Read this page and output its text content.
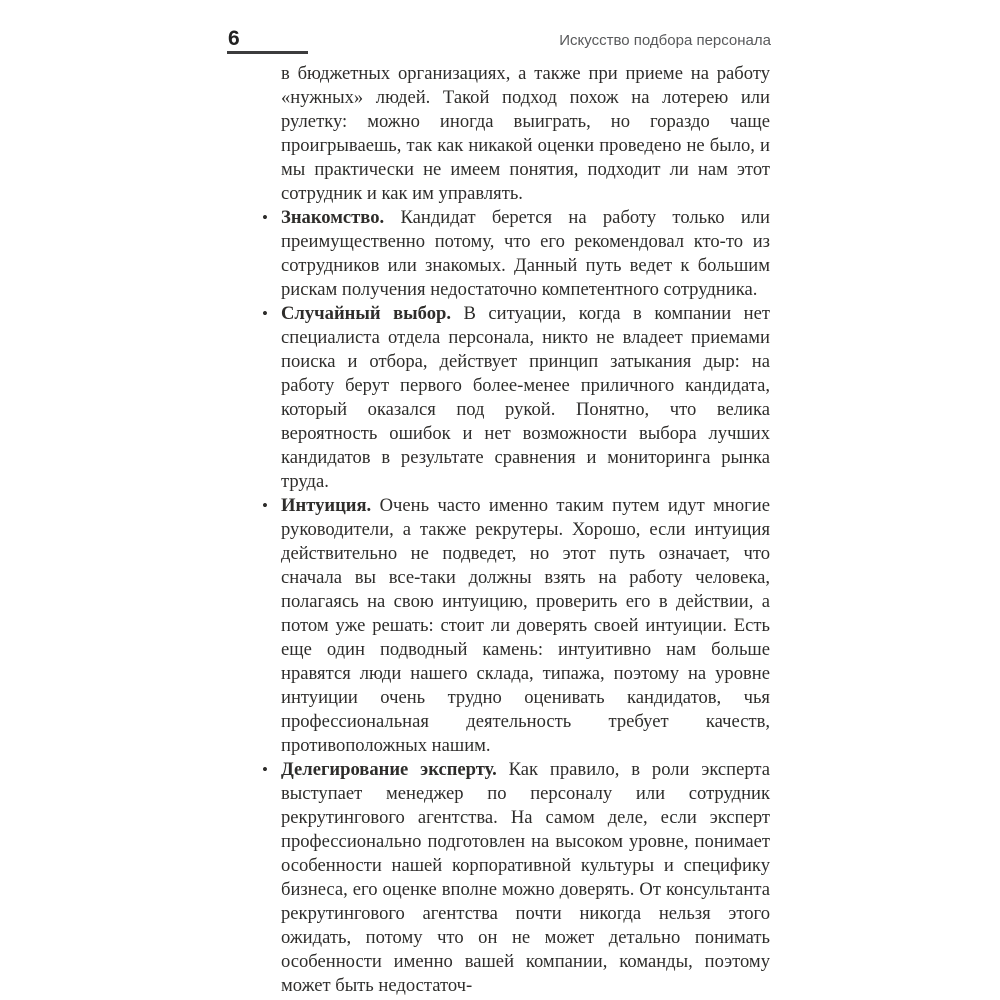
6	Искусство подбора персонала

в бюджетных организациях, а также при приеме на работу «нужных» людей. Такой подход похож на лотерею или рулетку: можно иногда выиграть, но гораздо чаще проигрываешь, так как никакой оценки проведено не было, и мы практически не имеем понятия, подходит ли нам этот сотрудник и как им управлять.

• Знакомство. Кандидат берется на работу только или преимущественно потому, что его рекомендовал кто-то из сотрудников или знакомых. Данный путь ведет к большим рискам получения недостаточно компетентного сотрудника.

• Случайный выбор. В ситуации, когда в компании нет специалиста отдела персонала, никто не владеет приемами поиска и отбора, действует принцип затыкания дыр: на работу берут первого более-менее приличного кандидата, который оказался под рукой. Понятно, что велика вероятность ошибок и нет возможности выбора лучших кандидатов в результате сравнения и мониторинга рынка труда.

• Интуиция. Очень часто именно таким путем идут многие руководители, а также рекрутеры. Хорошо, если интуиция действительно не подведет, но этот путь означает, что сначала вы все-таки должны взять на работу человека, полагаясь на свою интуицию, проверить его в действии, а потом уже решать: стоит ли доверять своей интуиции. Есть еще один подводный камень: интуитивно нам больше нравятся люди нашего склада, типажа, поэтому на уровне интуиции очень трудно оценивать кандидатов, чья профессиональная деятельность требует качеств, противоположных нашим.

• Делегирование эксперту. Как правило, в роли эксперта выступает менеджер по персоналу или сотрудник рекрутингового агентства. На самом деле, если эксперт профессионально подготовлен на высоком уровне, понимает особенности нашей корпоративной культуры и специфику бизнеса, его оценке вполне можно доверять. От консультанта рекрутингового агентства почти никогда нельзя этого ожидать, потому что он не может детально понимать особенности именно вашей компании, команды, поэтому может быть недостаточ-
